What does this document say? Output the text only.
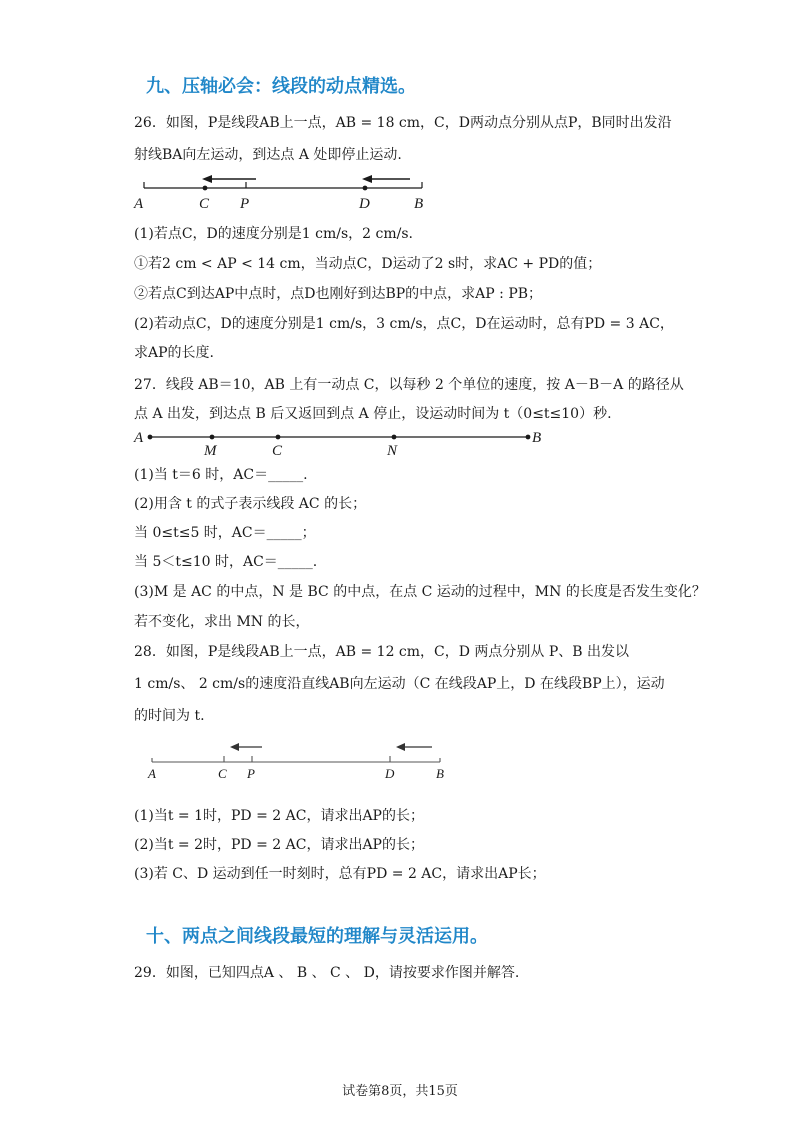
九、压轴必会：线段的动点精选。
26．如图，P是线段AB上一点，AB = 18 cm，C，D两动点分别从点P，B同时出发沿
射线BA向左运动，到达点 A 处即停止运动.
A	C P	D	B
(1)若点C，D的速度分别是1 cm/s，2 cm/s.
①若2 cm < AP < 14 cm，当动点C，D运动了2 s时，求AC + PD的值；
②若点C到达AP中点时，点D也刚好到达BP的中点，求AP : PB；
(2)若动点C，D的速度分别是1 cm/s，3 cm/s，点C，D在运动时，总有PD = 3 AC，
求AP的长度.
27．线段 AB＝10，AB 上有一动点 C，以每秒 2 个单位的速度，按 A－B－A 的路径从
点 A 出发，到达点 B 后又返回到点 A 停止，设运动时间为 t（0≤t≤10）秒.
A
M	C	N
B
(1)当 t＝6 时，AC＝_____.
(2)用含 t 的式子表示线段 AC 的长；
当 0≤t≤5 时，AC＝_____；
当 5＜t≤10 时，AC＝_____.
(3)M 是 AC 的中点，N 是 BC 的中点，在点 C 运动的过程中，MN 的长度是否发生变化？
若不变化，求出 MN 的长，
28．如图，P是线段AB上一点，AB = 12 cm，C，D 两点分别从 P、B 出发以
1 cm/s、 2 cm/s的速度沿直线AB向左运动（C 在线段AP上，D 在线段BP上），运动
的时间为 t.
A	C P	D	B
(1)当t = 1时，PD = 2 AC，请求出AP的长；
(2)当t = 2时，PD = 2 AC，请求出AP的长；
(3)若 C、D 运动到任一时刻时，总有PD = 2 AC，请求出AP长；
十、两点之间线段最短的理解与灵活运用。
29．如图，已知四点A 、 B 、 C 、 D，请按要求作图并解答.
试卷第8页，共15页
